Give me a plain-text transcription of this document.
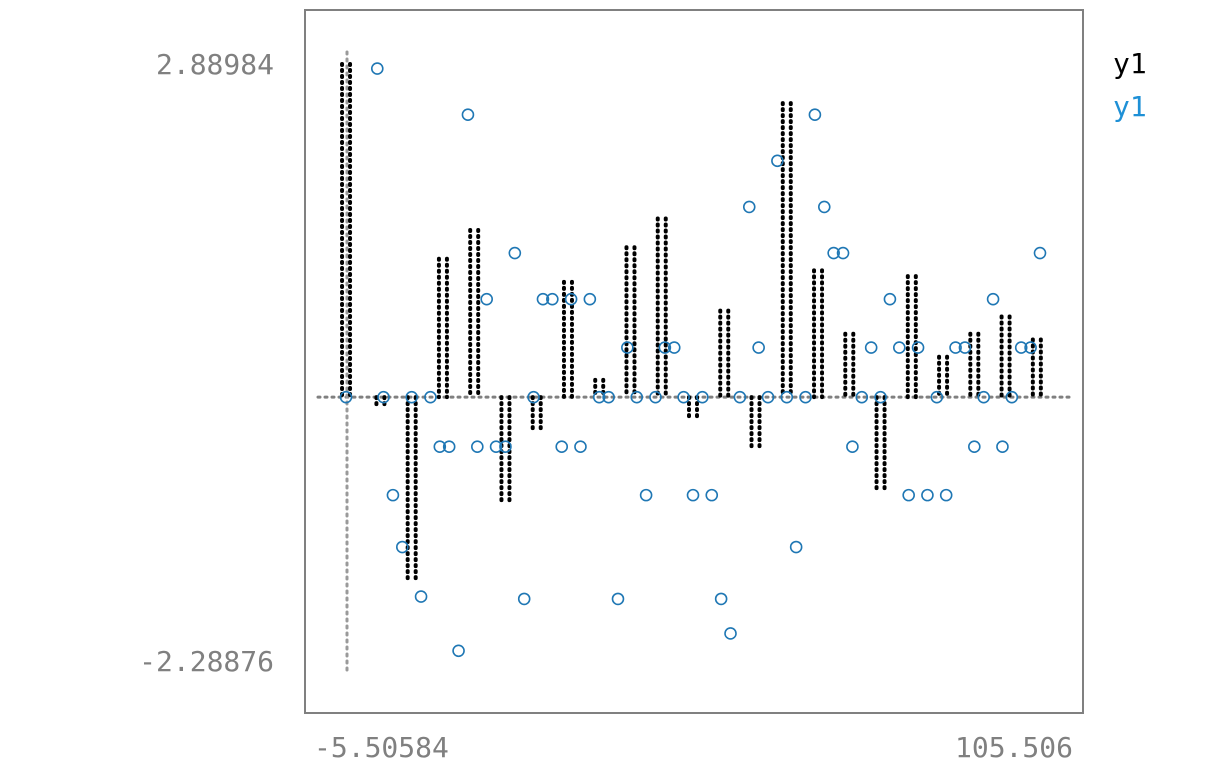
2.88984
-2.28876
-5.50584	105.506
y1
y1
